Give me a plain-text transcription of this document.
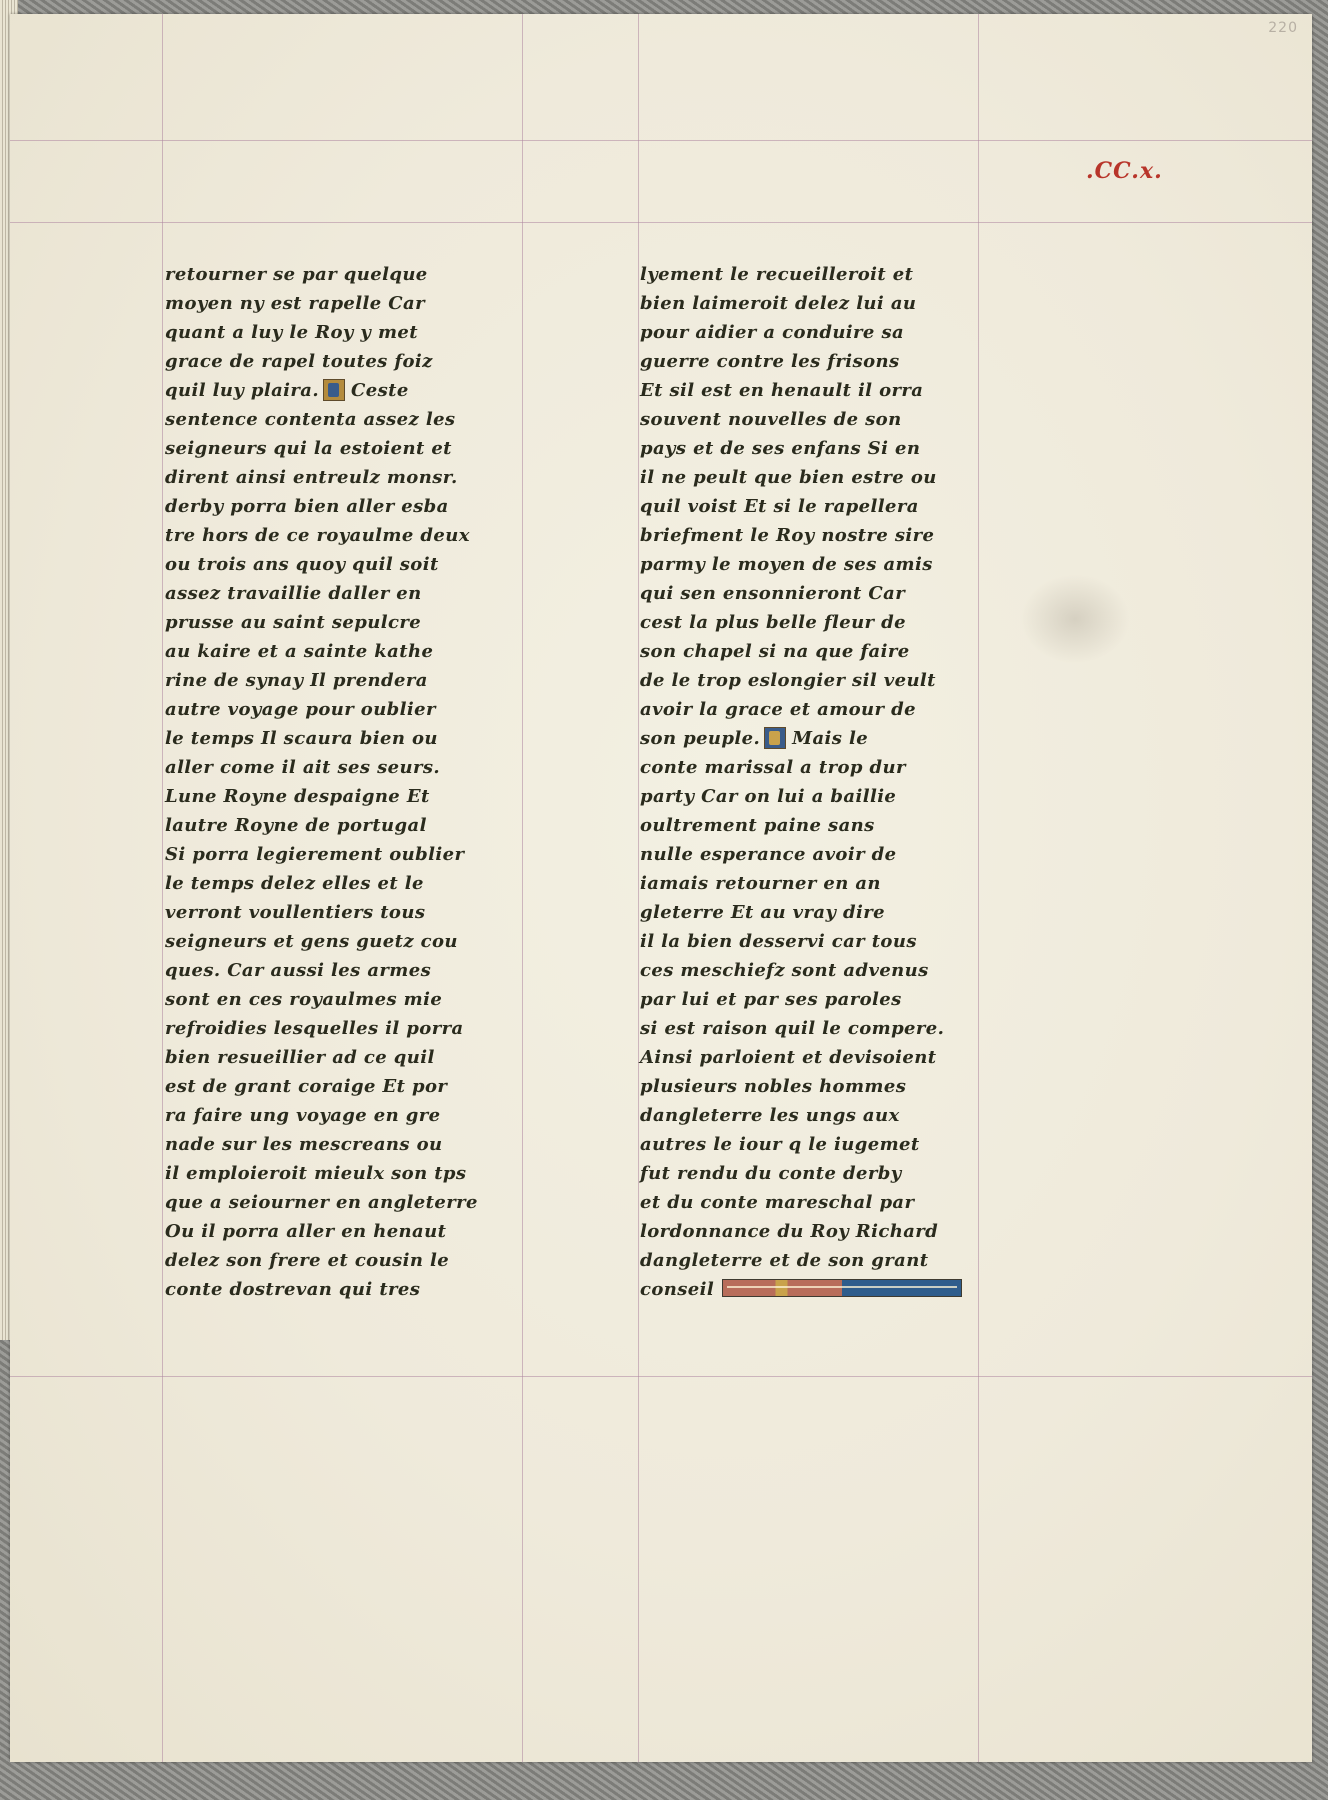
220
.CC.x.
retourner se par quelque
moyen ny est rapelle Car
quant a luy le Roy y met
grace de rapel toutes foiz
quil luy plaira. Ceste
sentence contenta assez les
seigneurs qui la estoient et
dirent ainsi entreulz monsr.
derby porra bien aller esba
tre hors de ce royaulme deux
ou trois ans quoy quil soit
assez travaillie daller en
prusse au saint sepulcre
au kaire et a sainte kathe
rine de synay Il prendera
autre voyage pour oublier
le temps Il scaura bien ou
aller come il ait ses seurs.
Lune Royne despaigne Et
lautre Royne de portugal
Si porra legierement oublier
le temps delez elles et le
verront voullentiers tous
seigneurs et gens guetz cou
ques. Car aussi les armes
sont en ces royaulmes mie
refroidies lesquelles il porra
bien resueillier ad ce quil
est de grant coraige Et por
ra faire ung voyage en gre
nade sur les mescreans ou
il emploieroit mieulx son tps
que a seiourner en angleterre
Ou il porra aller en henaut
delez son frere et cousin le
conte dostrevan qui tres
lyement le recueilleroit et
bien laimeroit delez lui au
pour aidier a conduire sa
guerre contre les frisons
Et sil est en henault il orra
souvent nouvelles de son
pays et de ses enfans Si en
il ne peult que bien estre ou
quil voist Et si le rapellera
briefment le Roy nostre sire
parmy le moyen de ses amis
qui sen ensonnieront Car
cest la plus belle fleur de
son chapel si na que faire
de le trop eslongier sil veult
avoir la grace et amour de
son peuple. Mais le
conte marissal a trop dur
party Car on lui a baillie
oultrement paine sans
nulle esperance avoir de
iamais retourner en an
gleterre Et au vray dire
il la bien desservi car tous
ces meschiefz sont advenus
par lui et par ses paroles
si est raison quil le compere.
Ainsi parloient et devisoient
plusieurs nobles hommes
dangleterre les ungs aux
autres le iour q le iugemet
fut rendu du conte derby
et du conte mareschal par
lordonnance du Roy Richard
dangleterre et de son grant
conseil
